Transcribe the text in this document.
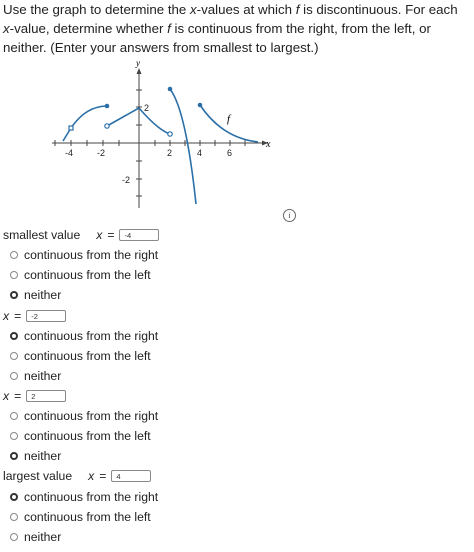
Use the graph to determine the x-values at which f is discontinuous. For each
x-value, determine whether f is continuous from the right, from the left, or
neither. (Enter your answers from smallest to largest.)
y
x
-4	-2	2	4	6
2
-2
f
i
smallest value x =	-4
continuous from the right
continuous from the left
neither
x =	-2
continuous from the right
continuous from the left
neither
x =	2
continuous from the right
continuous from the left
neither
largest value x =	4
continuous from the right
continuous from the left
neither
